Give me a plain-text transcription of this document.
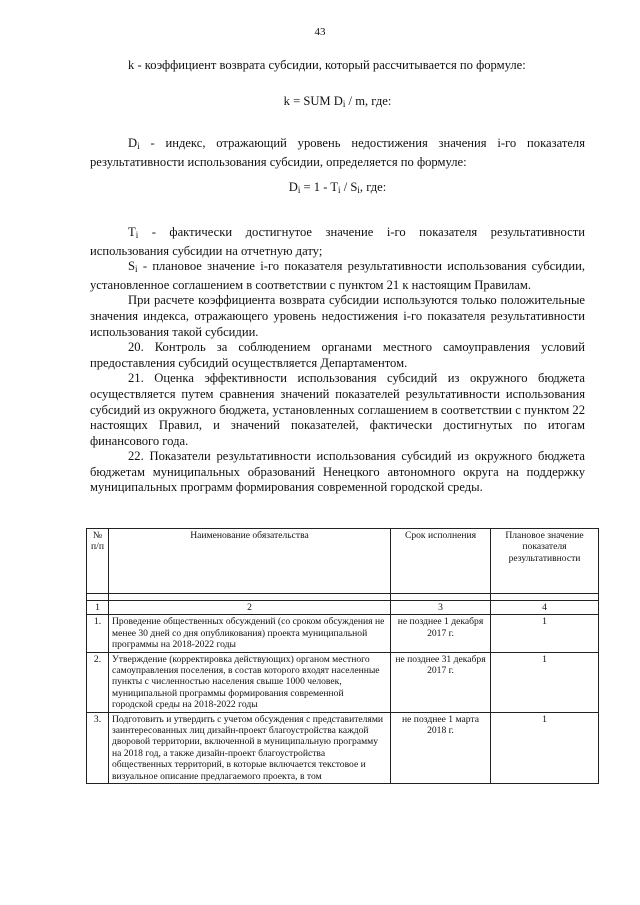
43

k - коэффициент возврата субсидии, который рассчитывается по формуле:

k = SUM $D_i$ / m, где:

$D_i$ - индекс, отражающий уровень недостижения значения i-го показателя результативности использования субсидии, определяется по формуле:

$D_i = 1 - T_i / S_i$, где:

$T_i$ - фактически достигнутое значение i-го показателя результативности использования субсидии на отчетную дату;

$S_i$ - плановое значение i-го показателя результативности использования субсидии, установленное соглашением в соответствии с пунктом 21 к настоящим Правилам.

При расчете коэффициента возврата субсидии используются только положительные значения индекса, отражающего уровень недостижения i-го показателя результативности использования такой субсидии.

20. Контроль за соблюдением органами местного самоуправления условий предоставления субсидий осуществляется Департаментом.

21. Оценка эффективности использования субсидий из окружного бюджета осуществляется путем сравнения значений показателей результативности использования субсидий из окружного бюджета, установленных соглашением в соответствии с пунктом 22 настоящих Правил, и значений показателей, фактически достигнутых по итогам финансового года.

22. Показатели результативности использования субсидий из окружного бюджета бюджетам муниципальных образований Ненецкого автономного округа на поддержку муниципальных программ формирования современной городской среды.

№ п/п	Наименование обязательства	Срок исполнения	Плановое значение показателя результативности

1	2	3	4
1.	Проведение общественных обсуждений (со сроком обсуждения не менее 30 дней со дня опубликования) проекта муниципальной программы на 2018-2022 годы	не позднее 1 декабря 2017 г.	1
2.	Утверждение (корректировка действующих) органом местного самоуправления поселения, в состав которого входят населенные пункты с численностью населения свыше 1000 человек, муниципальной программы формирования современной городской среды на 2018-2022 годы	не позднее 31 декабря 2017 г.	1
3.	Подготовить и утвердить с учетом обсуждения с представителями заинтересованных лиц дизайн-проект благоустройства каждой дворовой территории, включенной в муниципальную программу на 2018 год, а также дизайн-проект благоустройства общественных территорий, в которые включается текстовое и визуальное описание предлагаемого проекта, в том	не позднее 1 марта 2018 г.	1
